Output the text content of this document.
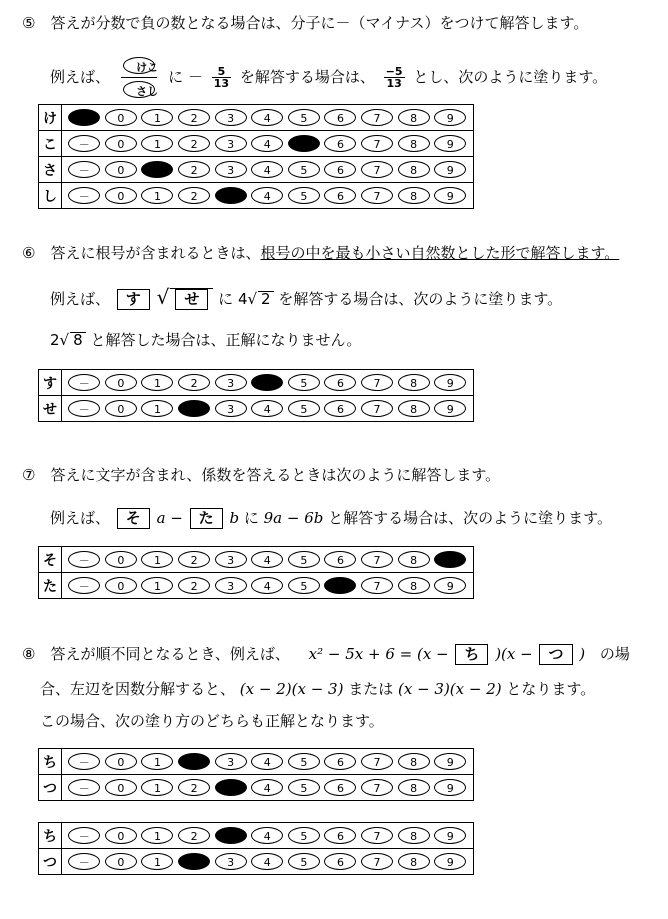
⑤　答えが分数で負の数となる場合は、分子に－（マイナス）をつけて解答します。
例えば、
けこ
さし
に － $\frac{5}{13}$ を解答する場合は、 $\frac{-5}{13}$ とし、次のように塗ります。
け	0 1 2 3 4 5 6 7 8 9
こ	－ 0 1 2 3 4 6 7 8 9
さ	－ 0 2 3 4 5 6 7 8 9
し	－ 0 1 2 4 5 6 7 8 9
⑥　答えに根号が含まれるときは、根号の中を最も小さい自然数とした形で解答します。
例えば、 す √ せ に 4√ 2 を解答する場合は、次のように塗ります。
2√ 8 と解答した場合は、正解になりません。
す	－ 0 1 2 3 5 6 7 8 9
せ	－ 0 1 3 4 5 6 7 8 9
⑦　答えに文字が含まれ、係数を答えるときは次のように解答します。
例えば、 そ a − た b に 9a − 6b と解答する場合は、次のように塗ります。
そ	－ 0 1 2 3 4 5 6 7 8
た	－ 0 1 2 3 4 5 7 8 9
⑧　答えが順不同となるとき、例えば、 x² − 5x + 6 = (x − ち )(x − つ ) の場
合、左辺を因数分解すると、 (x − 2)(x − 3) または (x − 3)(x − 2) となります。
この場合、次の塗り方のどちらも正解となります。
ち	－ 0 1 3 4 5 6 7 8 9
つ	－ 0 1 2 4 5 6 7 8 9
ち	－ 0 1 2 4 5 6 7 8 9
つ	－ 0 1 3 4 5 6 7 8 9
